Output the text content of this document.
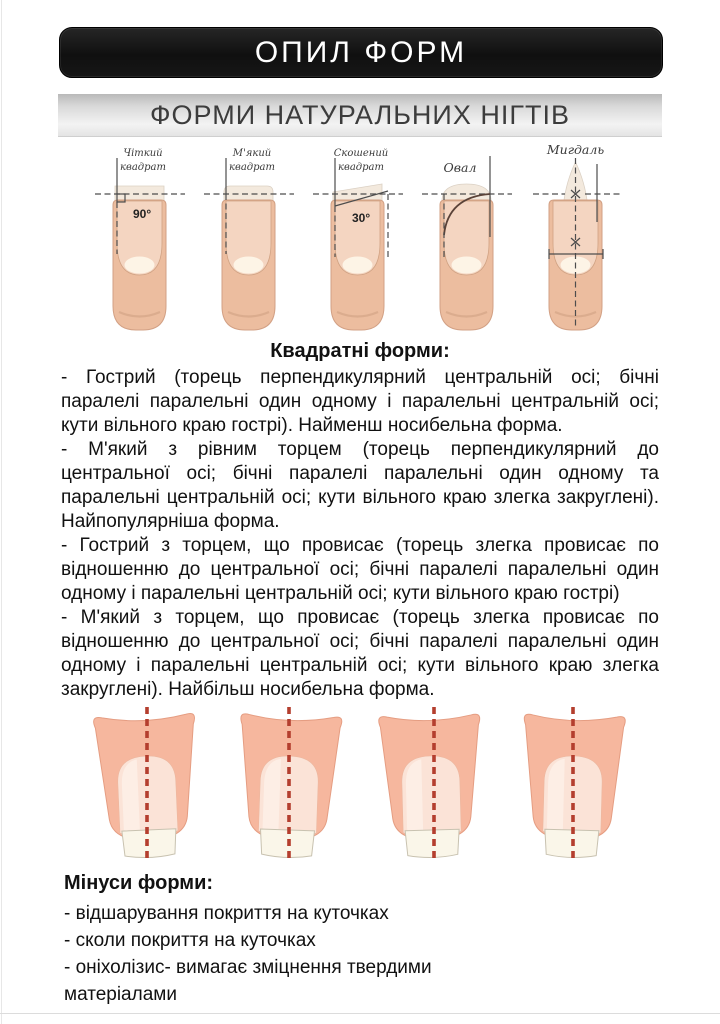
ОПИЛ ФОРМ
ФОРМИ НАТУРАЛЬНИХ НІГТІВ
Чіткий
квадрат
90°
М'який
квадрат
Скошений
квадрат
30°
Овал
Мигдаль
Квадратні форми:
- Гострий (торець перпендикулярний центральній осі; бічні паралелі паралельні один одному і паралельні центральній осі; кути вільного краю гострі). Найменш носибельна форма.
- М'який з рівним торцем (торець перпендикулярний до центральної осі; бічні паралелі паралельні один одному та паралельні центральній осі; кути вільного краю злегка закруглені). Найпопулярніша форма.
- Гострий з торцем, що провисає (торець злегка провисає по відношенню до центральної осі; бічні паралелі паралельні один одному і паралельні центральній осі; кути вільного краю гострі)
- М'який з торцем, що провисає (торець злегка провисає по відношенню до центральної осі; бічні паралелі паралельні один одному і паралельні центральній осі; кути вільного краю злегка закруглені). Найбільш носибельна форма.
Мінуси форми:
- відшарування покриття на куточках
- сколи покриття на куточках
- оніхолізис- вимагає зміцнення твердими матеріалами
